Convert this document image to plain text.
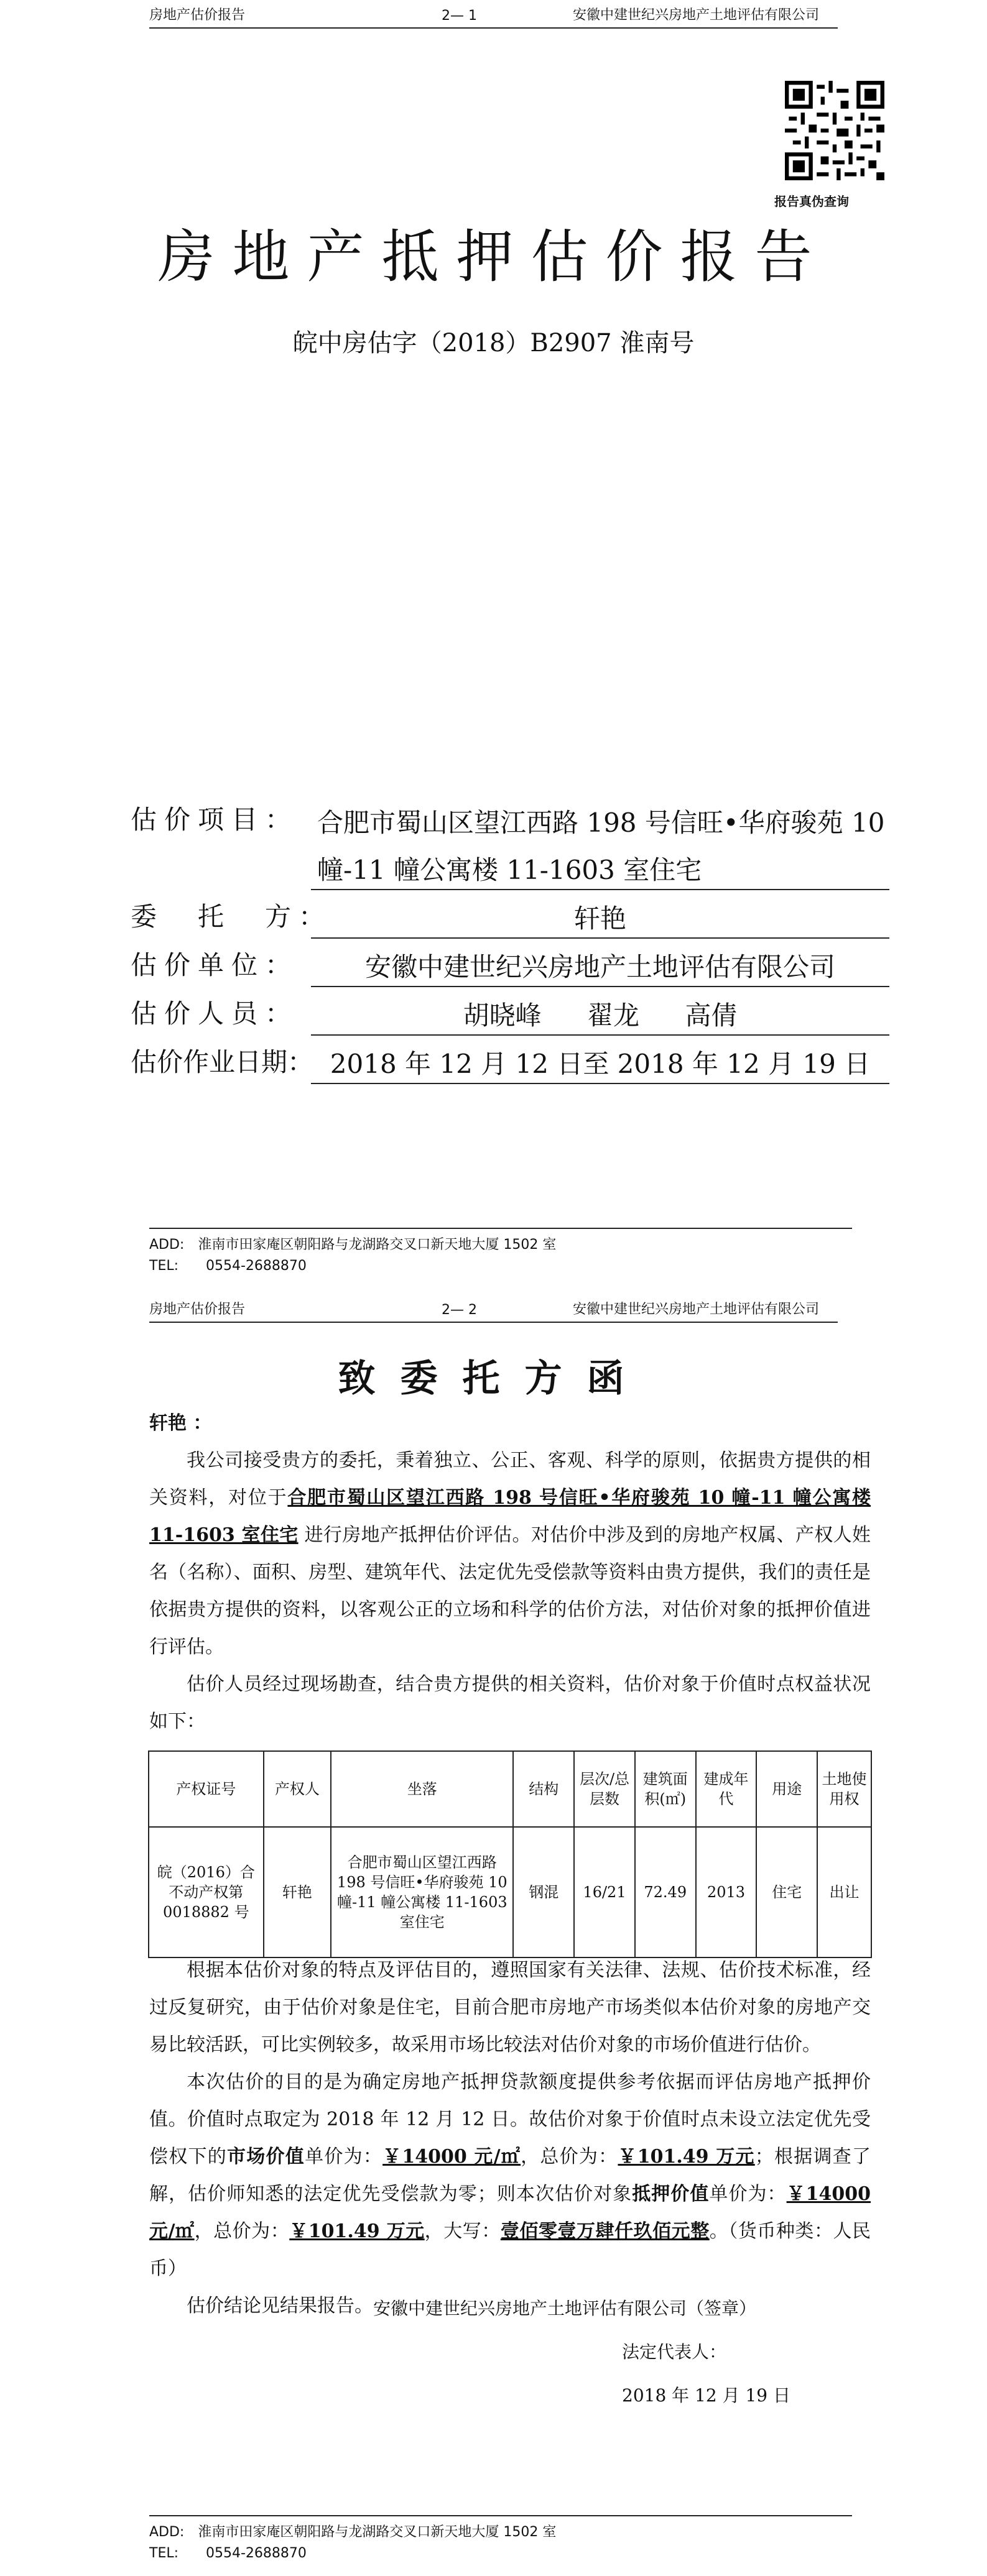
房地产估价报告	2— 1	安徽中建世纪兴房地产土地评估有限公司
报告真伪查询
房地产抵押估价报告
皖中房估字（2018）B2907 淮南号
估价项目： 合肥市蜀山区望江西路 198 号信旺•华府骏苑 10
幢-11 幢公寓楼 11-1603 室住宅
委　托　方：	轩艳
估价单位：	安徽中建世纪兴房地产土地评估有限公司
估价人员：	胡晓峰 翟龙 高倩
估价作业日期： 2018 年 12 月 12 日至 2018 年 12 月 19 日
ADD:　淮南市田家庵区朝阳路与龙湖路交叉口新天地大厦 1502 室
TEL:　　0554-2688870
房地产估价报告	2— 2	安徽中建世纪兴房地产土地评估有限公司
致委托方函

轩艳 ：

我公司接受贵方的委托，秉着独立、公正、客观、科学的原则，依据贵方提供的相关资料，对位于合肥市蜀山区望江西路 198 号信旺•华府骏苑 10 幢-11 幢公寓楼 11-1603 室住宅 进行房地产抵押估价评估。对估价中涉及到的房地产权属、产权人姓名（名称）、面积、房型、建筑年代、法定优先受偿款等资料由贵方提供，我们的责任是依据贵方提供的资料，以客观公正的立场和科学的估价方法，对估价对象的抵押价值进行评估。

估价人员经过现场勘查，结合贵方提供的相关资料，估价对象于价值时点权益状况如下：

产权证号	产权人	坐落	结构	层次/总层数	建筑面积(㎡)	建成年代	用途	土地使用权
皖（2016）合不动产权第 0018882 号	轩艳	合肥市蜀山区望江西路 198 号信旺•华府骏苑 10 幢-11 幢公寓楼 11-1603 室住宅	钢混	16/21	72.49	2013	住宅	出让

根据本估价对象的特点及评估目的，遵照国家有关法律、法规、估价技术标准，经过反复研究，由于估价对象是住宅，目前合肥市房地产市场类似本估价对象的房地产交易比较活跃，可比实例较多，故采用市场比较法对估价对象的市场价值进行估价。

本次估价的目的是为确定房地产抵押贷款额度提供参考依据而评估房地产抵押价值。价值时点取定为 2018 年 12 月 12 日。故估价对象于价值时点未设立法定优先受偿权下的市场价值单价为：￥14000 元/㎡，总价为：￥101.49 万元；根据调查了解，估价师知悉的法定优先受偿款为零；则本次估价对象抵押价值单价为：￥14000 元/㎡，总价为：￥101.49 万元，大写：壹佰零壹万肆仟玖佰元整。（货币种类：人民币）

估价结论见结果报告。 安徽中建世纪兴房地产土地评估有限公司（签章）
法定代表人：
2018 年 12 月 19 日
ADD:　淮南市田家庵区朝阳路与龙湖路交叉口新天地大厦 1502 室
TEL:　　0554-2688870
